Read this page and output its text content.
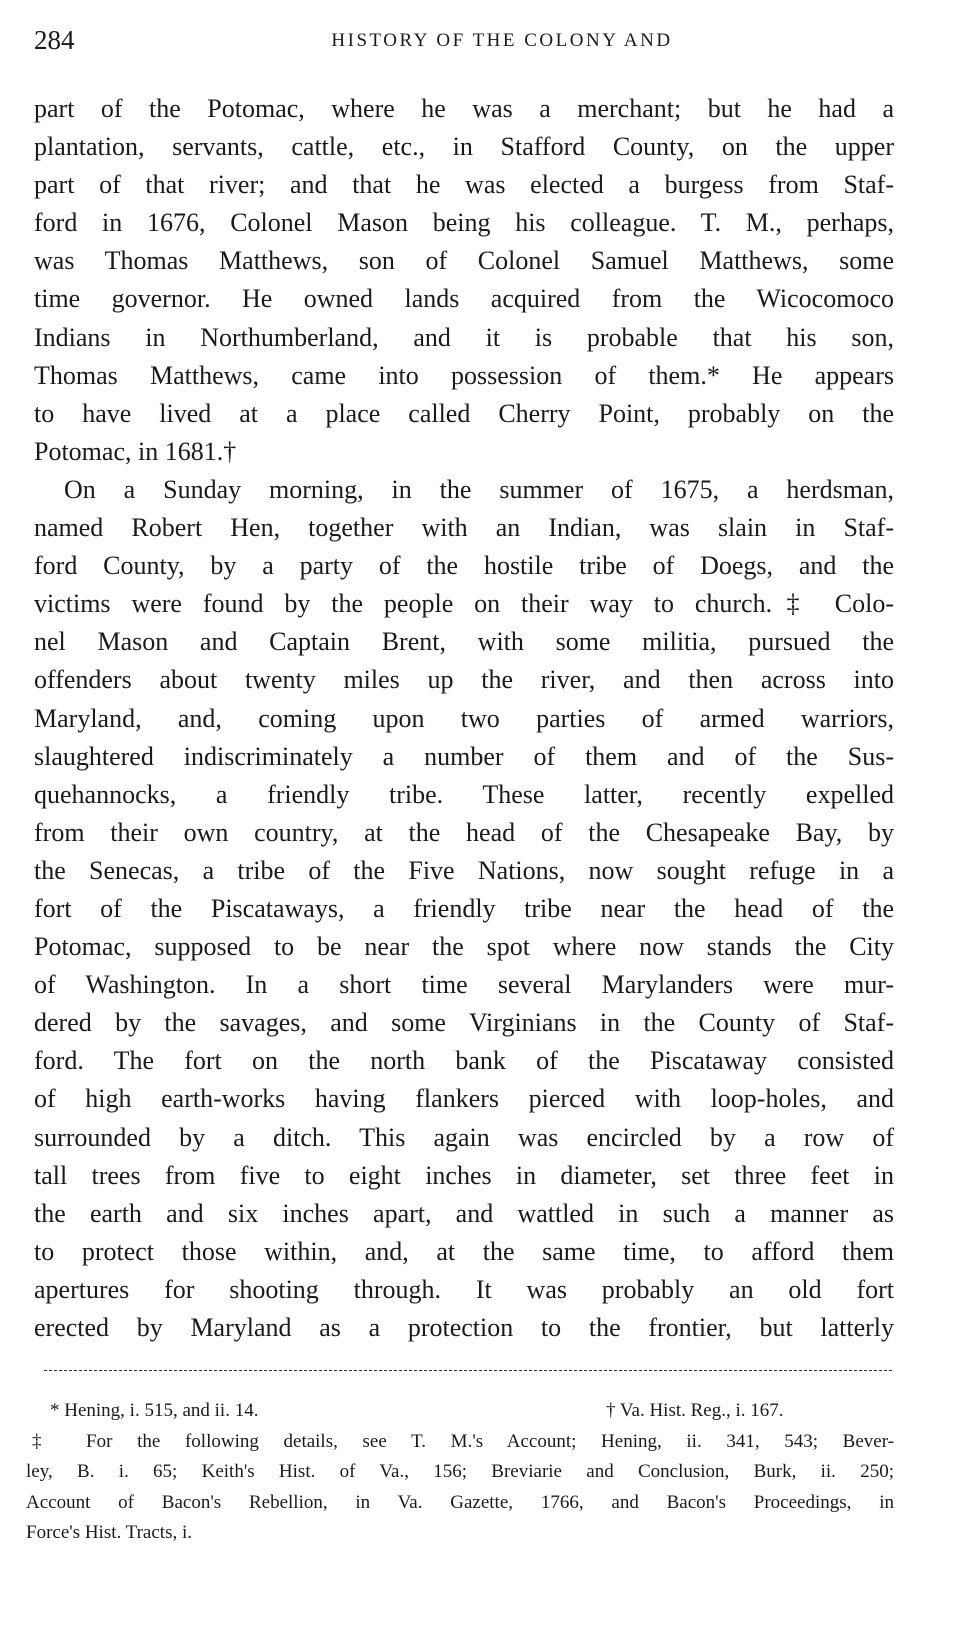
284	HISTORY OF THE COLONY AND
part of the Potomac, where he was a merchant; but he had a
plantation, servants, cattle, etc., in Stafford County, on the upper
part of that river; and that he was elected a burgess from Staf-
ford in 1676, Colonel Mason being his colleague. T. M., perhaps,
was Thomas Matthews, son of Colonel Samuel Matthews, some
time governor. He owned lands acquired from the Wicocomoco
Indians in Northumberland, and it is probable that his son,
Thomas Matthews, came into possession of them.* He appears
to have lived at a place called Cherry Point, probably on the
Potomac, in 1681.†
On a Sunday morning, in the summer of 1675, a herdsman,
named Robert Hen, together with an Indian, was slain in Staf-
ford County, by a party of the hostile tribe of Doegs, and the
victims were found by the people on their way to church.‡ Colo-
nel Mason and Captain Brent, with some militia, pursued the
offenders about twenty miles up the river, and then across into
Maryland, and, coming upon two parties of armed warriors,
slaughtered indiscriminately a number of them and of the Sus-
quehannocks, a friendly tribe. These latter, recently expelled
from their own country, at the head of the Chesapeake Bay, by
the Senecas, a tribe of the Five Nations, now sought refuge in a
fort of the Piscataways, a friendly tribe near the head of the
Potomac, supposed to be near the spot where now stands the City
of Washington. In a short time several Marylanders were mur-
dered by the savages, and some Virginians in the County of Staf-
ford. The fort on the north bank of the Piscataway consisted
of high earth-works having flankers pierced with loop-holes, and
surrounded by a ditch. This again was encircled by a row of
tall trees from five to eight inches in diameter, set three feet in
the earth and six inches apart, and wattled in such a manner as
to protect those within, and, at the same time, to afford them
apertures for shooting through. It was probably an old fort
erected by Maryland as a protection to the frontier, but latterly
* Hening, i. 515, and ii. 14.	† Va. Hist. Reg., i. 167.
‡ For the following details, see T. M.'s Account; Hening, ii. 341, 543; Bever-
ley, B. i. 65; Keith's Hist. of Va., 156; Breviarie and Conclusion, Burk, ii. 250;
Account of Bacon's Rebellion, in Va. Gazette, 1766, and Bacon's Proceedings, in
Force's Hist. Tracts, i.
